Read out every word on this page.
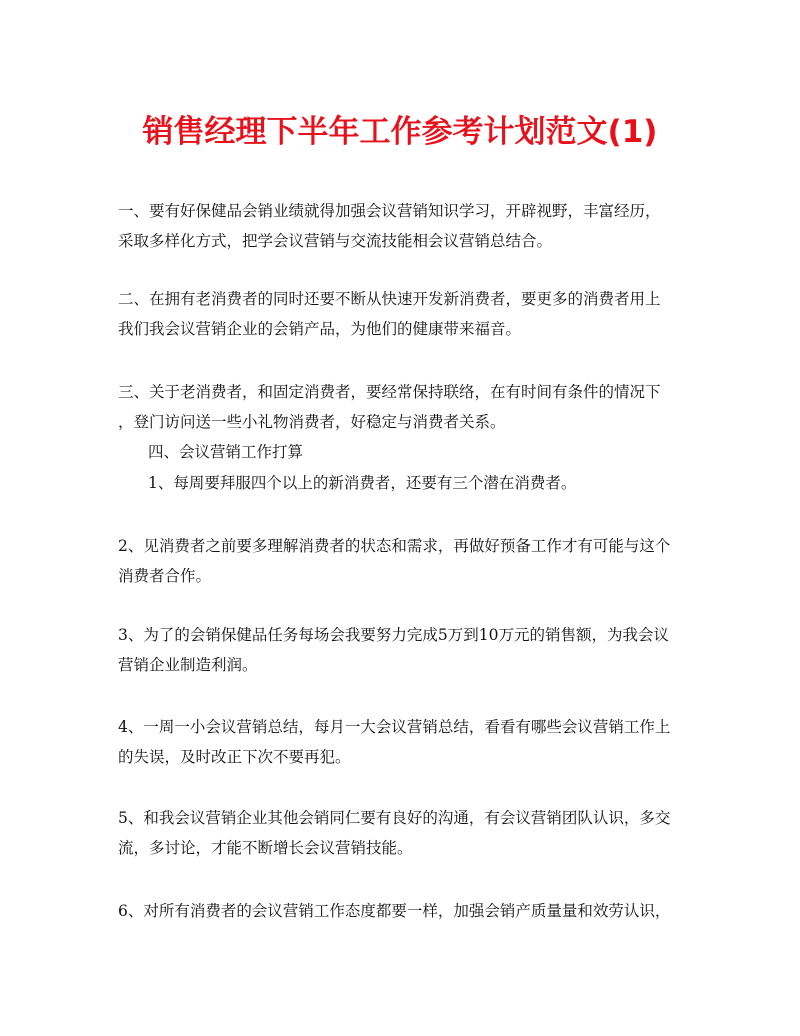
销售经理下半年工作参考计划范文(1)

一、要有好保健品会销业绩就得加强会议营销知识学习，开辟视野，丰富经历，
采取多样化方式，把学会议营销与交流技能相会议营销总结合。

二、在拥有老消费者的同时还要不断从快速开发新消费者，要更多的消费者用上
我们我会议营销企业的会销产品，为他们的健康带来福音。

三、关于老消费者，和固定消费者，要经常保持联络，在有时间有条件的情况下
，登门访问送一些小礼物消费者，好稳定与消费者关系。

四、会议营销工作打算

1、每周要拜服四个以上的新消费者，还要有三个潜在消费者。

2、见消费者之前要多理解消费者的状态和需求，再做好预备工作才有可能与这个
消费者合作。

3、为了的会销保健品任务每场会我要努力完成5万到10万元的销售额，为我会议
营销企业制造利润。

4、一周一小会议营销总结，每月一大会议营销总结，看看有哪些会议营销工作上
的失误，及时改正下次不要再犯。

5、和我会议营销企业其他会销同仁要有良好的沟通，有会议营销团队认识，多交
流，多讨论，才能不断增长会议营销技能。

6、对所有消费者的会议营销工作态度都要一样，加强会销产质量量和效劳认识，
